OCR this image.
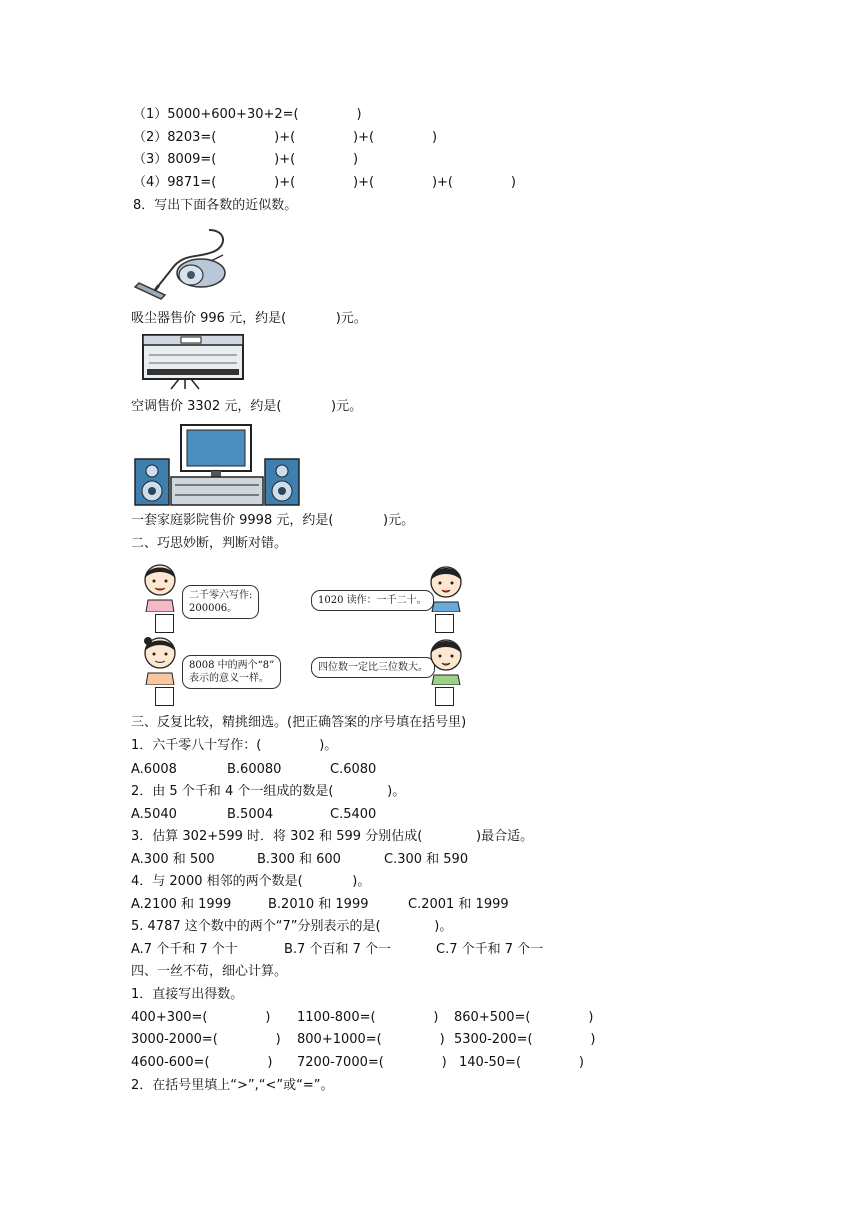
（1）5000+600+30+2=(              )
（2）8203=(              )+(              )+(              )
（3）8009=(              )+(              )
（4）9871=(              )+(              )+(              )+(              )
8．写出下面各数的近似数。
吸尘器售价 996 元，约是(            )元。
空调售价 3302 元，约是(            )元。
一套家庭影院售价 9998 元，约是(            )元。
二、巧思妙断，判断对错。
二千零六写作:
200006。
1020 读作：一千二十。
8008 中的两个“8”
表示的意义一样。
四位数一定比三位数大。
三、反复比较，精挑细选。(把正确答案的序号填在括号里)
1．六千零八十写作：(              )。
A.6008	B.60080	C.6080
2．由 5 个千和 4 个一组成的数是(             )。
A.5040	B.5004	C.5400
3．估算 302+599 时．将 302 和 599 分别估成(             )最合适。
A.300 和 500	B.300 和 600	C.300 和 590
4．与 2000 相邻的两个数是(            )。
A.2100 和 1999	B.2010 和 1999	C.2001 和 1999
5. 4787 这个数中的两个“7”分别表示的是(             )。
A.7 个千和 7 个十	B.7 个百和 7 个一	C.7 个千和 7 个一
四、一丝不苟，细心计算。
1．直接写出得数。
400+300=(              ) 1100-800=(              ) 860+500=(              )
3000-2000=(              ) 800+1000=(              ) 5300-200=(              )
4600-600=(              ) 7200-7000=(              ) 140-50=(              )
2．在括号里填上“>”,“<”或“=”。
